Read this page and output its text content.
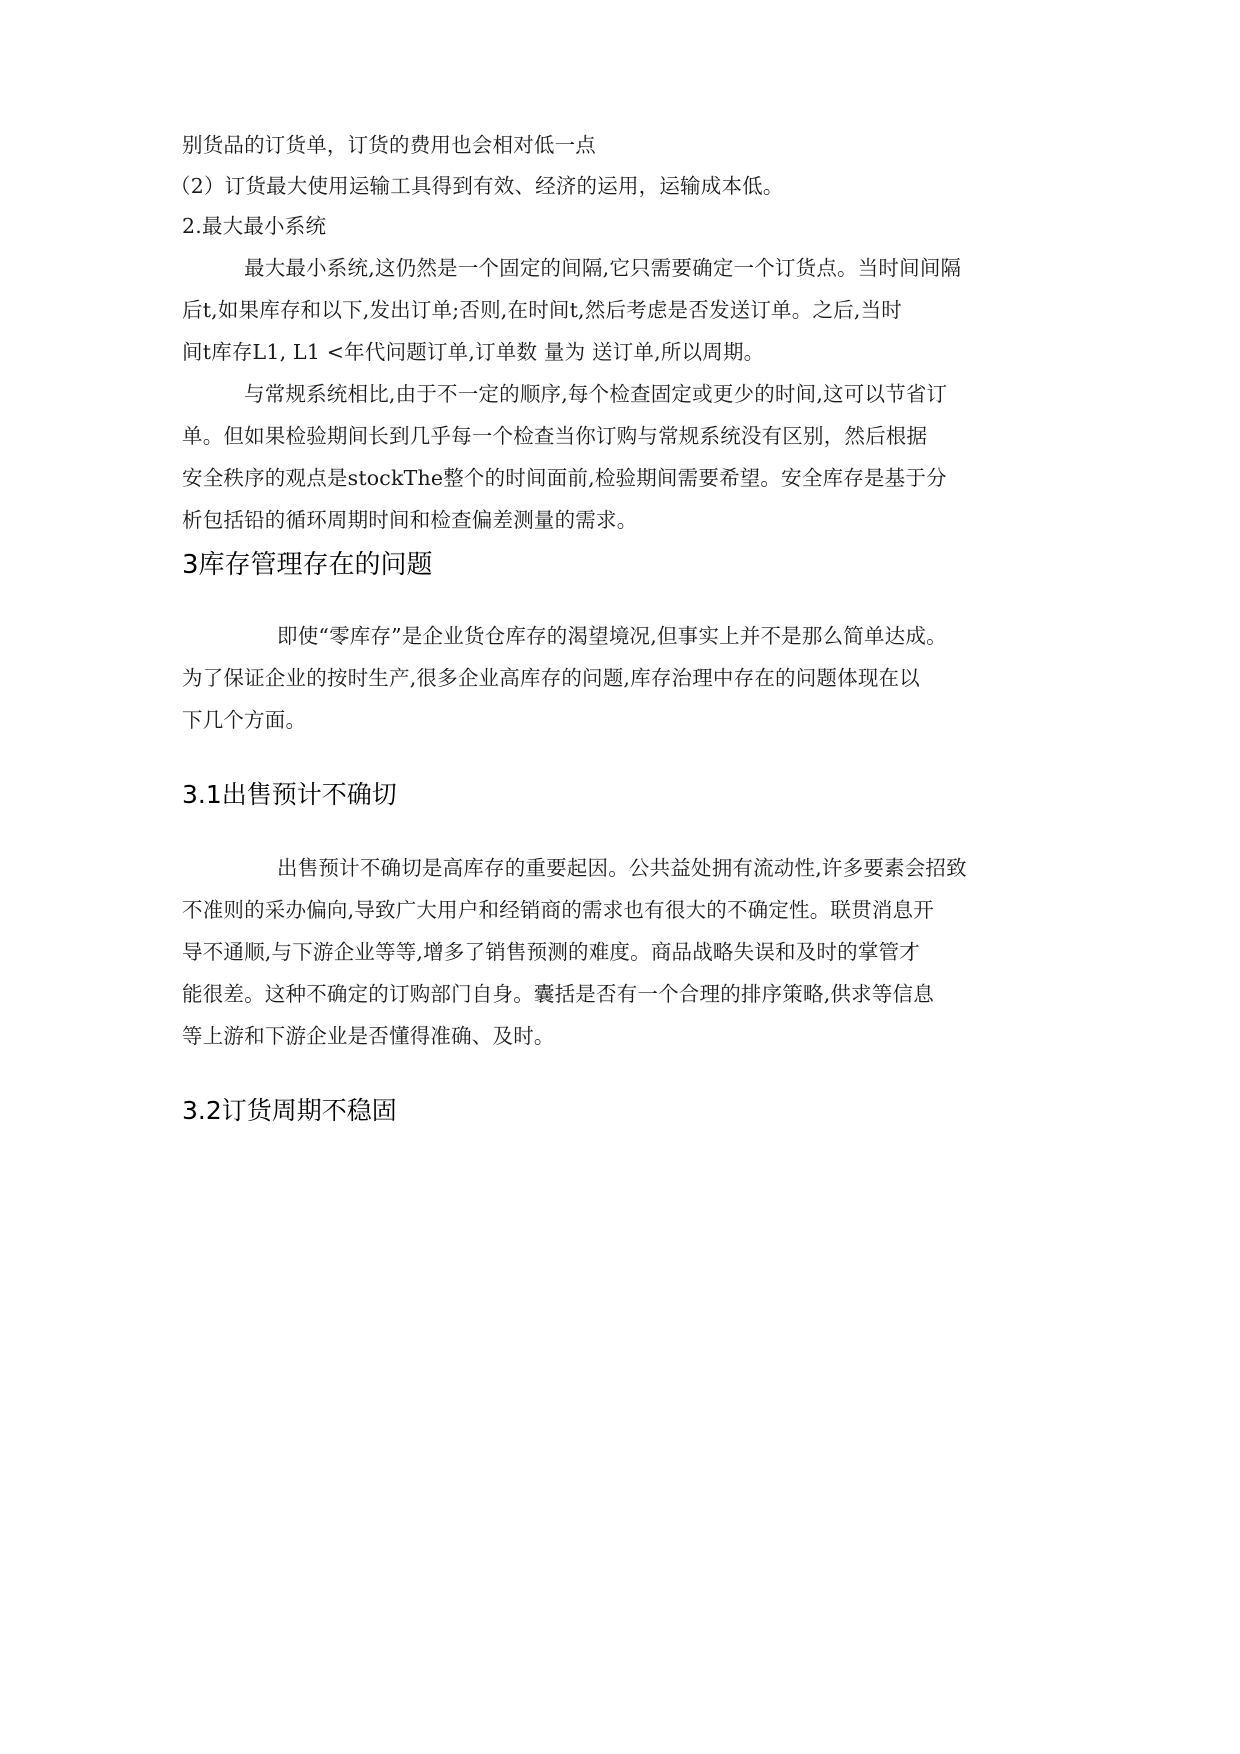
别货品的订货单，订货的费用也会相对低一点
（2）订货最大使用运输工具得到有效、经济的运用，运输成本低。
2.最大最小系统
最大最小系统,这仍然是一个固定的间隔,它只需要确定一个订货点。当时间间隔
后t,如果库存和以下,发出订单;否则,在时间t,然后考虑是否发送订单。之后,当时
间t库存L1, L1 <年代问题订单,订单数 量为 送订单,所以周期。
与常规系统相比,由于不一定的顺序,每个检查固定或更少的时间,这可以节省订
单。但如果检验期间长到几乎每一个检查当你订购与常规系统没有区别，然后根据
安全秩序的观点是stockThe整个的时间面前,检验期间需要希望。安全库存是基于分
析包括铅的循环周期时间和检查偏差测量的需求。
3库存管理存在的问题
即使“零库存”是企业货仓库存的渴望境况,但事实上并不是那么简单达成。
为了保证企业的按时生产,很多企业高库存的问题,库存治理中存在的问题体现在以
下几个方面。
3.1出售预计不确切
出售预计不确切是高库存的重要起因。公共益处拥有流动性,许多要素会招致
不准则的采办偏向,导致广大用户和经销商的需求也有很大的不确定性。联贯消息开
导不通顺,与下游企业等等,增多了销售预测的难度。商品战略失误和及时的掌管才
能很差。这种不确定的订购部门自身。囊括是否有一个合理的排序策略,供求等信息
等上游和下游企业是否懂得准确、及时。
3.2订货周期不稳固
